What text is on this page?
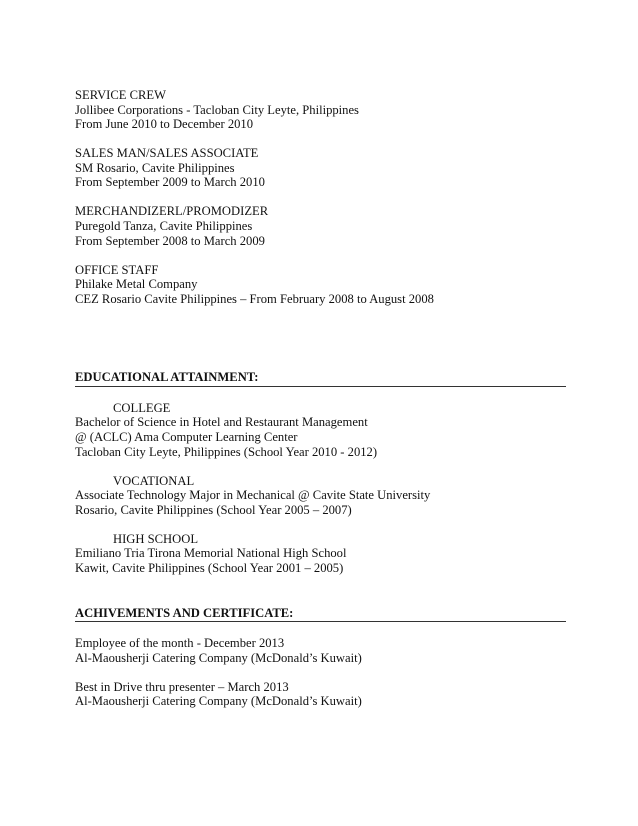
SERVICE CREW
Jollibee Corporations - Tacloban City Leyte, Philippines
From June 2010 to December 2010
SALES MAN/SALES ASSOCIATE
SM Rosario, Cavite Philippines
From September 2009 to March 2010
MERCHANDIZERL/PROMODIZER
Puregold Tanza, Cavite Philippines
From September 2008 to March 2009
OFFICE STAFF
Philake Metal Company
CEZ Rosario Cavite Philippines – From February 2008 to August 2008
EDUCATIONAL ATTAINMENT:
COLLEGE
Bachelor of Science in Hotel and Restaurant Management
@ (ACLC) Ama Computer Learning Center
Tacloban City Leyte, Philippines (School Year 2010 - 2012)
VOCATIONAL
Associate Technology Major in Mechanical @ Cavite State University
Rosario, Cavite Philippines (School Year 2005 – 2007)
HIGH SCHOOL
Emiliano Tria Tirona Memorial National High School
Kawit, Cavite Philippines (School Year 2001 – 2005)
ACHIVEMENTS AND CERTIFICATE:
Employee of the month - December 2013
Al-Maousherji Catering Company (McDonald’s Kuwait)
Best in Drive thru presenter – March 2013
Al-Maousherji Catering Company (McDonald’s Kuwait)
